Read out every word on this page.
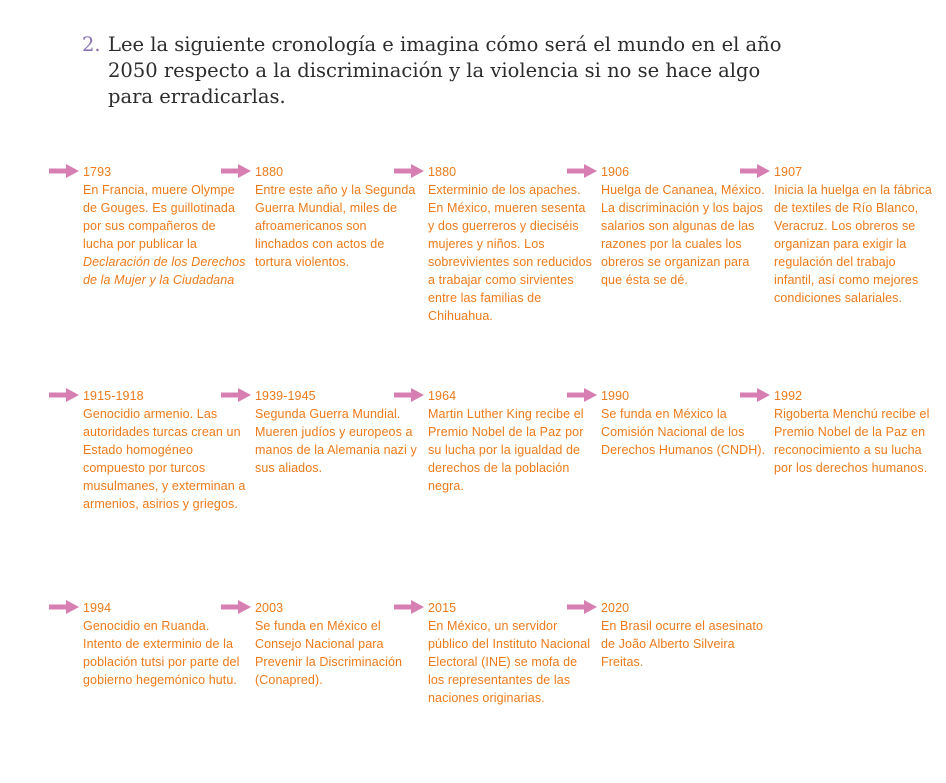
2. Lee la siguiente cronología e imagina cómo será el mundo en el año 2050 respecto a la discriminación y la violencia si no se hace algo para erradicarlas.
1793
En Francia, muere Olympe de Gouges. Es guillotinada por sus compañeros de lucha por publicar la Declaración de los Derechos de la Mujer y la Ciudadana
1880
Entre este año y la Segunda Guerra Mundial, miles de afroamericanos son linchados con actos de tortura violentos.
1880
Exterminio de los apaches. En México, mueren sesenta y dos guerreros y dieciséis mujeres y niños. Los sobrevivientes son reducidos a trabajar como sirvientes entre las familias de Chihuahua.
1906
Huelga de Cananea, México. La discriminación y los bajos salarios son algunas de las razones por la cuales los obreros se organizan para que ésta se dé.
1907
Inicia la huelga en la fábrica de textiles de Río Blanco, Veracruz. Los obreros se organizan para exigir la regulación del trabajo infantil, así como mejores condiciones salariales.
1915-1918
Genocidio armenio. Las autoridades turcas crean un Estado homogéneo compuesto por turcos musulmanes, y exterminan a armenios, asirios y griegos.
1939-1945
Segunda Guerra Mundial. Mueren judíos y europeos a manos de la Alemania nazi y sus aliados.
1964
Martin Luther King recibe el Premio Nobel de la Paz por su lucha por la igualdad de derechos de la población negra.
1990
Se funda en México la Comisión Nacional de los Derechos Humanos (CNDH).
1992
Rigoberta Menchú recibe el Premio Nobel de la Paz en reconocimiento a su lucha por los derechos humanos.
1994
Genocidio en Ruanda. Intento de exterminio de la población tutsi por parte del gobierno hegemónico hutu.
2003
Se funda en México el Consejo Nacional para Prevenir la Discriminación (Conapred).
2015
En México, un servidor público del Instituto Nacional Electoral (INE) se mofa de los representantes de las naciones originarias.
2020
En Brasil ocurre el asesinato de João Alberto Silveira Freitas.
